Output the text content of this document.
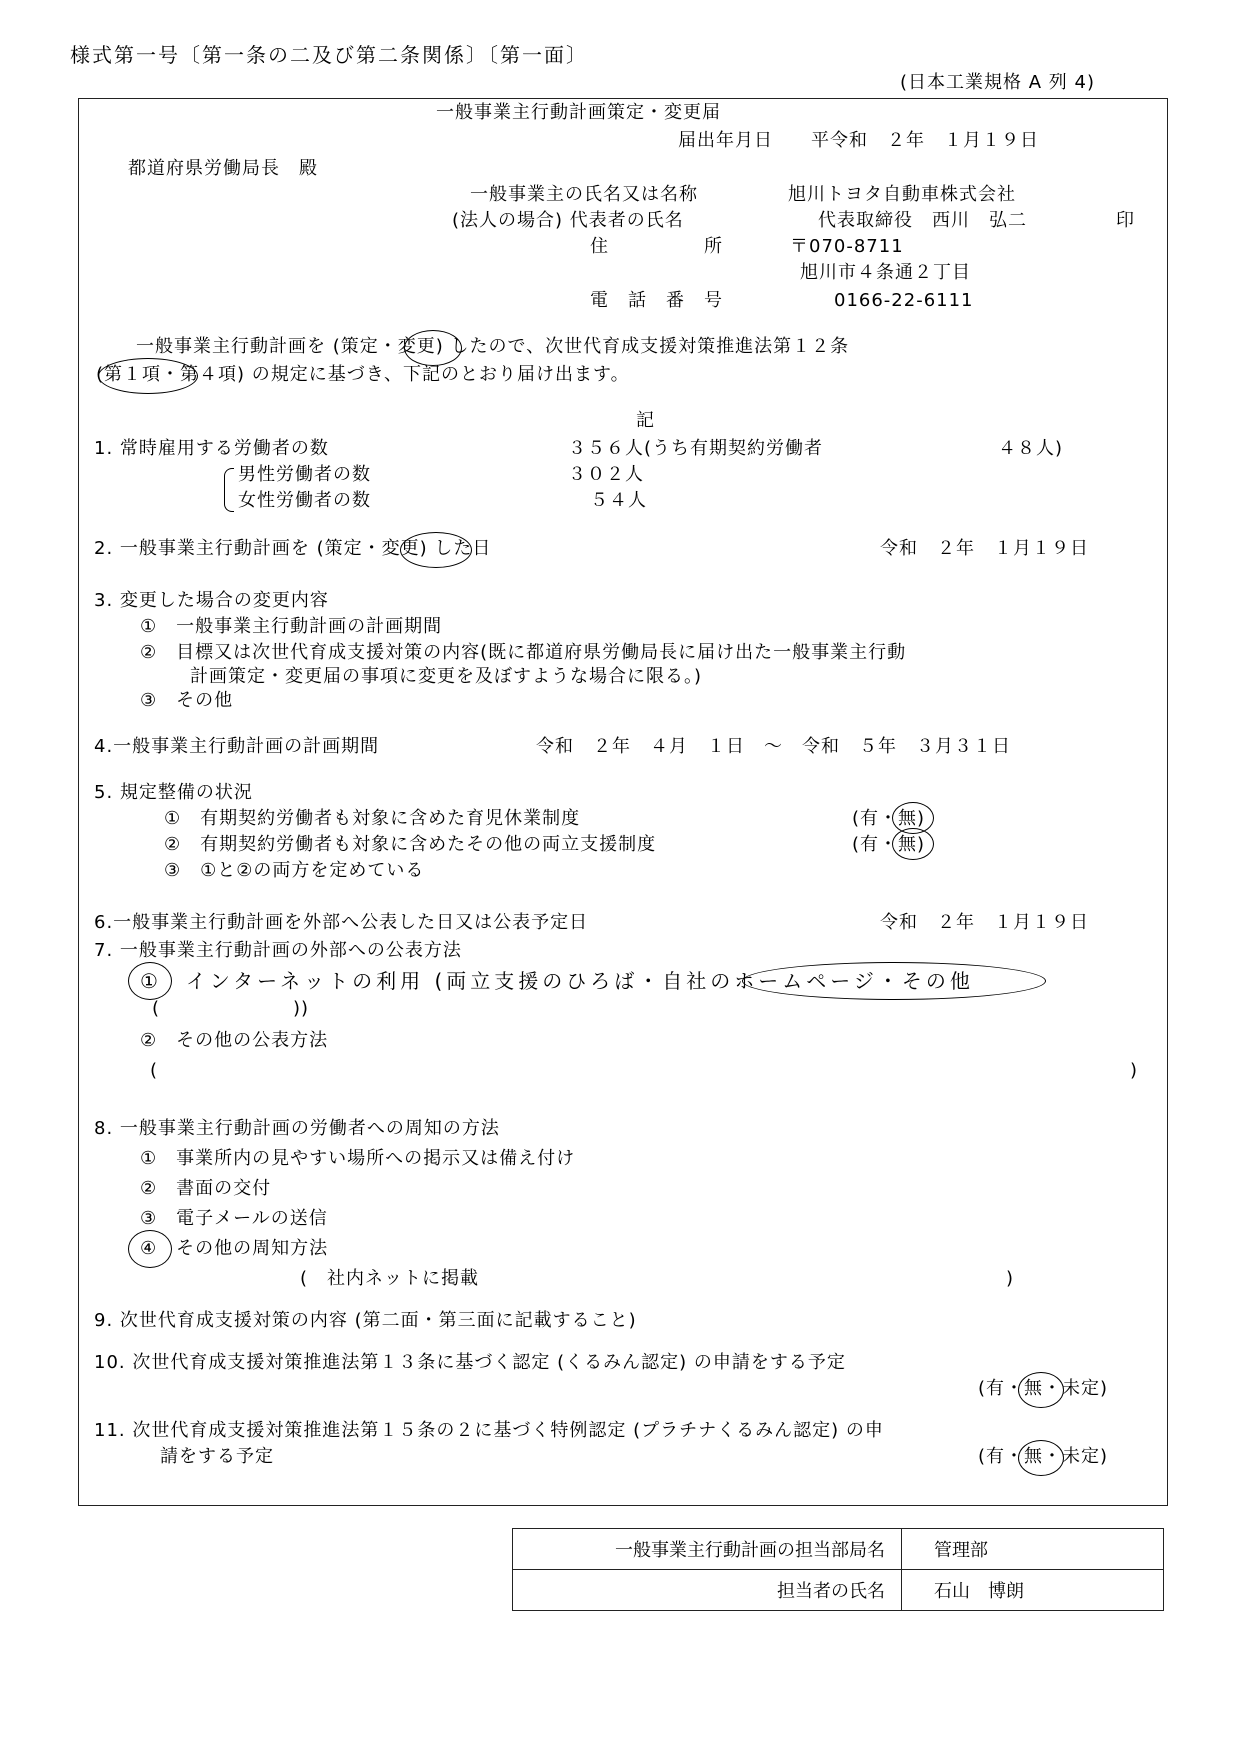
様式第一号〔第一条の二及び第二条関係〕〔第一面〕
(日本工業規格 A 列 4)
一般事業主行動計画策定・変更届
届出年月日　　平令和　２年　１月１９日
都道府県労働局長　殿
一般事業主の氏名又は名称	旭川トヨタ自動車株式会社
(法人の場合) 代表者の氏名	代表取締役　西川　弘二	印
住　　　　　所	〒070-8711
旭川市４条通２丁目
電　話　番　号	0166-22-6111
一般事業主行動計画を (策定・変更) したので、次世代育成支援対策推進法第１２条
(第１項・第４項) の規定に基づき、下記のとおり届け出ます。
記
1. 常時雇用する労働者の数	３５６人(うち有期契約労働者	４８人)
男性労働者の数	３０２人
女性労働者の数	５４人
2. 一般事業主行動計画を (策定・変更) した日	令和　２年　１月１９日
3. 変更した場合の変更内容
①　一般事業主行動計画の計画期間
②　目標又は次世代育成支援対策の内容(既に都道府県労働局長に届け出た一般事業主行動
計画策定・変更届の事項に変更を及ぼすような場合に限る。)
③　その他
4.一般事業主行動計画の計画期間	令和　２年　４月　１日　～　令和　５年　３月３１日
5. 規定整備の状況
①　有期契約労働者も対象に含めた育児休業制度	(有・無)
②　有期契約労働者も対象に含めたその他の両立支援制度	(有・無)
③　①と②の両方を定めている
6.一般事業主行動計画を外部へ公表した日又は公表予定日	令和　２年　１月１９日
7. 一般事業主行動計画の外部への公表方法
①　インターネットの利用 (両立支援のひろば・自社のホームページ・その他
(　　　　　　　))
②　その他の公表方法
(	)
8. 一般事業主行動計画の労働者への周知の方法
①　事業所内の見やすい場所への掲示又は備え付け
②　書面の交付
③　電子メールの送信
④　その他の周知方法
(　社内ネットに掲載	)
9. 次世代育成支援対策の内容 (第二面・第三面に記載すること)
10. 次世代育成支援対策推進法第１３条に基づく認定 (くるみん認定) の申請をする予定
(有・無・未定)
11. 次世代育成支援対策推進法第１５条の２に基づく特例認定 (プラチナくるみん認定) の申
請をする予定	(有・無・未定)
一般事業主行動計画の担当部局名	管理部
担当者の氏名	石山　博朗
